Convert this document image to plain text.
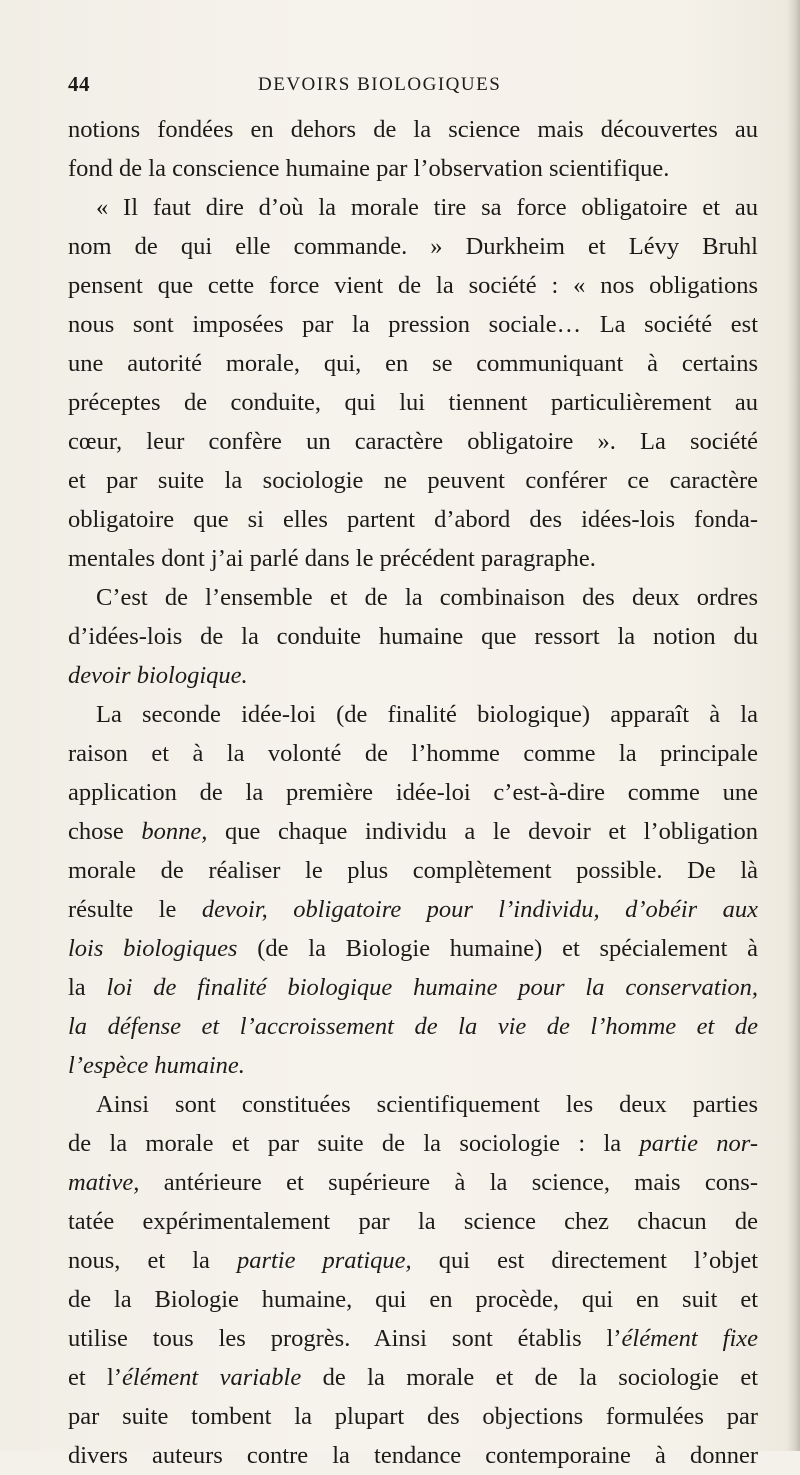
44	DEVOIRS BIOLOGIQUES
notions fondées en dehors de la science mais découvertes au
fond de la conscience humaine par l’observation scientifique.
« Il faut dire d’où la morale tire sa force obligatoire et au
nom de qui elle commande. » Durkheim et Lévy Bruhl
pensent que cette force vient de la société : « nos obligations
nous sont imposées par la pression sociale… La société est
une autorité morale, qui, en se communiquant à certains
préceptes de conduite, qui lui tiennent particulièrement au
cœur, leur confère un caractère obligatoire ». La société
et par suite la sociologie ne peuvent conférer ce caractère
obligatoire que si elles partent d’abord des idées-lois fonda-
mentales dont j’ai parlé dans le précédent paragraphe.
C’est de l’ensemble et de la combinaison des deux ordres
d’idées-lois de la conduite humaine que ressort la notion du
devoir biologique.
La seconde idée-loi (de finalité biologique) apparaît à la
raison et à la volonté de l’homme comme la principale
application de la première idée-loi c’est-à-dire comme une
chose bonne, que chaque individu a le devoir et l’obligation
morale de réaliser le plus complètement possible. De là
résulte le devoir, obligatoire pour l’individu, d’obéir aux
lois biologiques (de la Biologie humaine) et spécialement à
la loi de finalité biologique humaine pour la conservation,
la défense et l’accroissement de la vie de l’homme et de
l’espèce humaine.
Ainsi sont constituées scientifiquement les deux parties
de la morale et par suite de la sociologie : la partie nor-
mative, antérieure et supérieure à la science, mais cons-
tatée expérimentalement par la science chez chacun de
nous, et la partie pratique, qui est directement l’objet
de la Biologie humaine, qui en procède, qui en suit et
utilise tous les progrès. Ainsi sont établis l’élément fixe
et l’élément variable de la morale et de la sociologie et
par suite tombent la plupart des objections formulées par
divers auteurs contre la tendance contemporaine à donner
